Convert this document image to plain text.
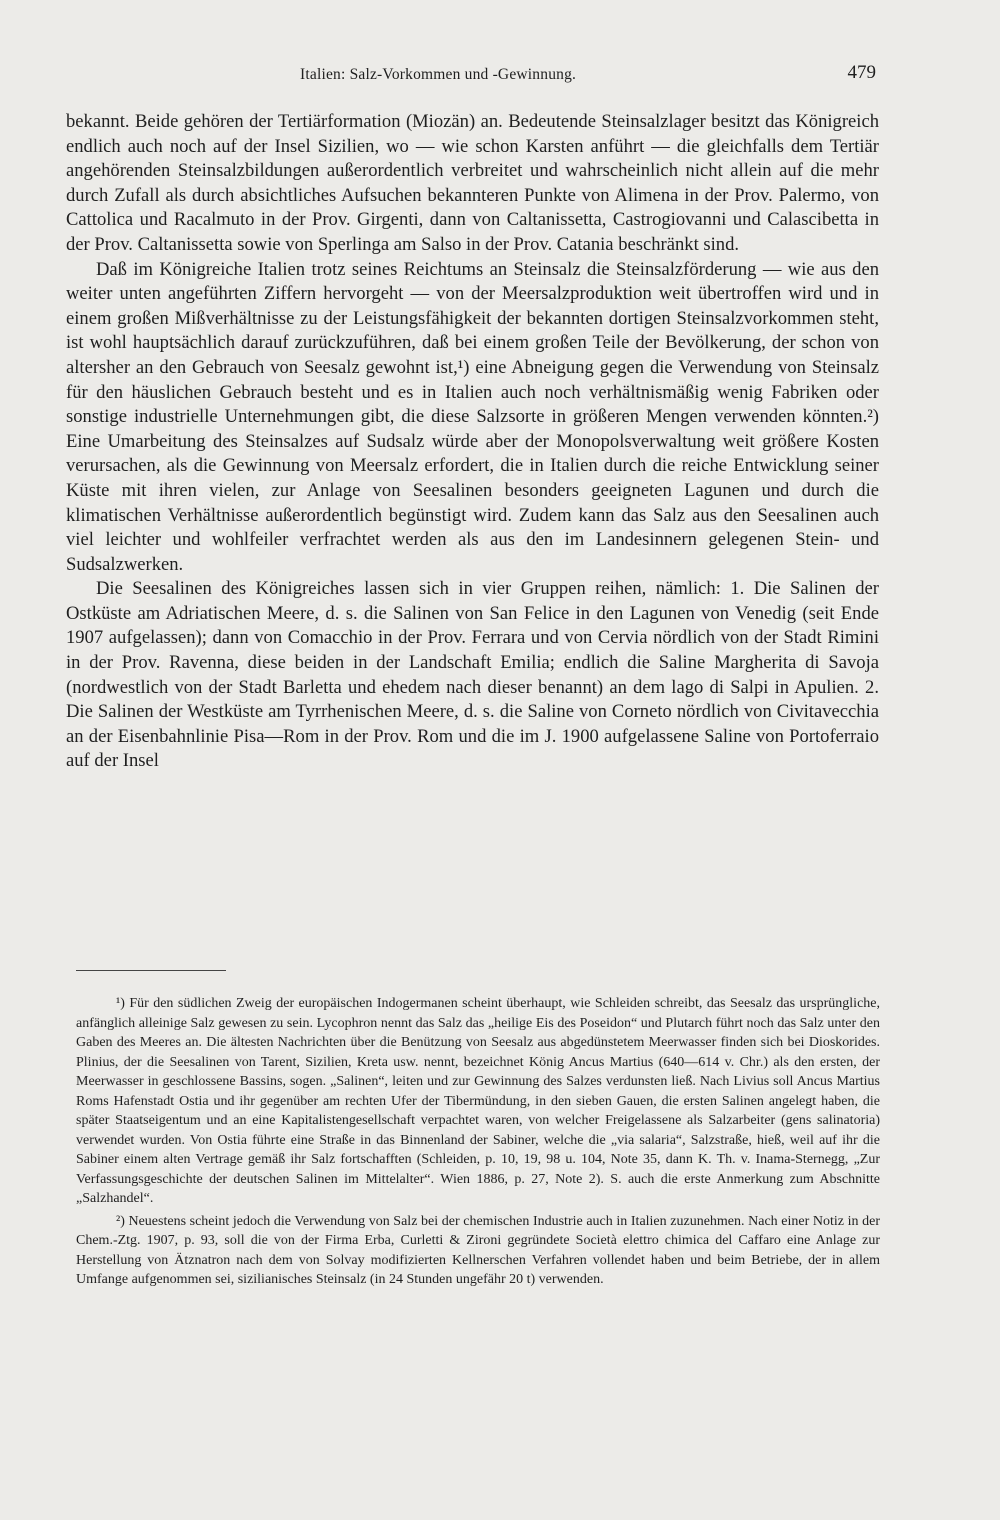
Italien: Salz-Vorkommen und -Gewinnung.	479

bekannt. Beide gehören der Tertiärformation (Miozän) an. Bedeutende Steinsalzlager besitzt das Königreich endlich auch noch auf der Insel Sizilien, wo — wie schon Karsten anführt — die gleichfalls dem Tertiär angehörenden Steinsalzbildungen außerordentlich verbreitet und wahrscheinlich nicht allein auf die mehr durch Zufall als durch absichtliches Aufsuchen bekannteren Punkte von Alimena in der Prov. Palermo, von Cattolica und Racalmuto in der Prov. Girgenti, dann von Caltanissetta, Castrogiovanni und Calascibetta in der Prov. Caltanissetta sowie von Sperlinga am Salso in der Prov. Catania beschränkt sind.

Daß im Königreiche Italien trotz seines Reichtums an Steinsalz die Steinsalzförderung — wie aus den weiter unten angeführten Ziffern hervorgeht — von der Meersalzproduktion weit übertroffen wird und in einem großen Mißverhältnisse zu der Leistungsfähigkeit der bekannten dortigen Steinsalzvorkommen steht, ist wohl hauptsächlich darauf zurückzuführen, daß bei einem großen Teile der Bevölkerung, der schon von altersher an den Gebrauch von Seesalz gewohnt ist,¹) eine Abneigung gegen die Verwendung von Steinsalz für den häuslichen Gebrauch besteht und es in Italien auch noch verhältnismäßig wenig Fabriken oder sonstige industrielle Unternehmungen gibt, die diese Salzsorte in größeren Mengen verwenden könnten.²) Eine Umarbeitung des Steinsalzes auf Sudsalz würde aber der Monopolsverwaltung weit größere Kosten verursachen, als die Gewinnung von Meersalz erfordert, die in Italien durch die reiche Entwicklung seiner Küste mit ihren vielen, zur Anlage von Seesalinen besonders geeigneten Lagunen und durch die klimatischen Verhältnisse außerordentlich begünstigt wird. Zudem kann das Salz aus den Seesalinen auch viel leichter und wohlfeiler verfrachtet werden als aus den im Landesinnern gelegenen Stein- und Sudsalzwerken.

Die Seesalinen des Königreiches lassen sich in vier Gruppen reihen, nämlich: 1. Die Salinen der Ostküste am Adriatischen Meere, d. s. die Salinen von San Felice in den Lagunen von Venedig (seit Ende 1907 aufgelassen); dann von Comacchio in der Prov. Ferrara und von Cervia nördlich von der Stadt Rimini in der Prov. Ravenna, diese beiden in der Landschaft Emilia; endlich die Saline Margherita di Savoja (nordwestlich von der Stadt Barletta und ehedem nach dieser benannt) an dem lago di Salpi in Apulien. 2. Die Salinen der Westküste am Tyrrhenischen Meere, d. s. die Saline von Corneto nördlich von Civitavecchia an der Eisenbahnlinie Pisa—Rom in der Prov. Rom und die im J. 1900 aufgelassene Saline von Portoferraio auf der Insel

¹) Für den südlichen Zweig der europäischen Indogermanen scheint überhaupt, wie Schleiden schreibt, das Seesalz das ursprüngliche, anfänglich alleinige Salz gewesen zu sein. Lycophron nennt das Salz das „heilige Eis des Poseidon“ und Plutarch führt noch das Salz unter den Gaben des Meeres an. Die ältesten Nachrichten über die Benützung von Seesalz aus abgedünstetem Meerwasser finden sich bei Dioskorides. Plinius, der die Seesalinen von Tarent, Sizilien, Kreta usw. nennt, bezeichnet König Ancus Martius (640—614 v. Chr.) als den ersten, der Meerwasser in geschlossene Bassins, sogen. „Salinen“, leiten und zur Gewinnung des Salzes verdunsten ließ. Nach Livius soll Ancus Martius Roms Hafenstadt Ostia und ihr gegenüber am rechten Ufer der Tibermündung, in den sieben Gauen, die ersten Salinen angelegt haben, die später Staatseigentum und an eine Kapitalistengesellschaft verpachtet waren, von welcher Freigelassene als Salzarbeiter (gens salinatoria) verwendet wurden. Von Ostia führte eine Straße in das Binnenland der Sabiner, welche die „via salaria“, Salzstraße, hieß, weil auf ihr die Sabiner einem alten Vertrage gemäß ihr Salz fortschafften (Schleiden, p. 10, 19, 98 u. 104, Note 35, dann K. Th. v. Inama-Sternegg, „Zur Verfassungsgeschichte der deutschen Salinen im Mittelalter“. Wien 1886, p. 27, Note 2). S. auch die erste Anmerkung zum Abschnitte „Salzhandel“.

²) Neuestens scheint jedoch die Verwendung von Salz bei der chemischen Industrie auch in Italien zuzunehmen. Nach einer Notiz in der Chem.-Ztg. 1907, p. 93, soll die von der Firma Erba, Curletti & Zironi gegründete Società elettro chimica del Caffaro eine Anlage zur Herstellung von Ätznatron nach dem von Solvay modifizierten Kellnerschen Verfahren vollendet haben und beim Betriebe, der in allem Umfange aufgenommen sei, sizilianisches Steinsalz (in 24 Stunden ungefähr 20 t) verwenden.
